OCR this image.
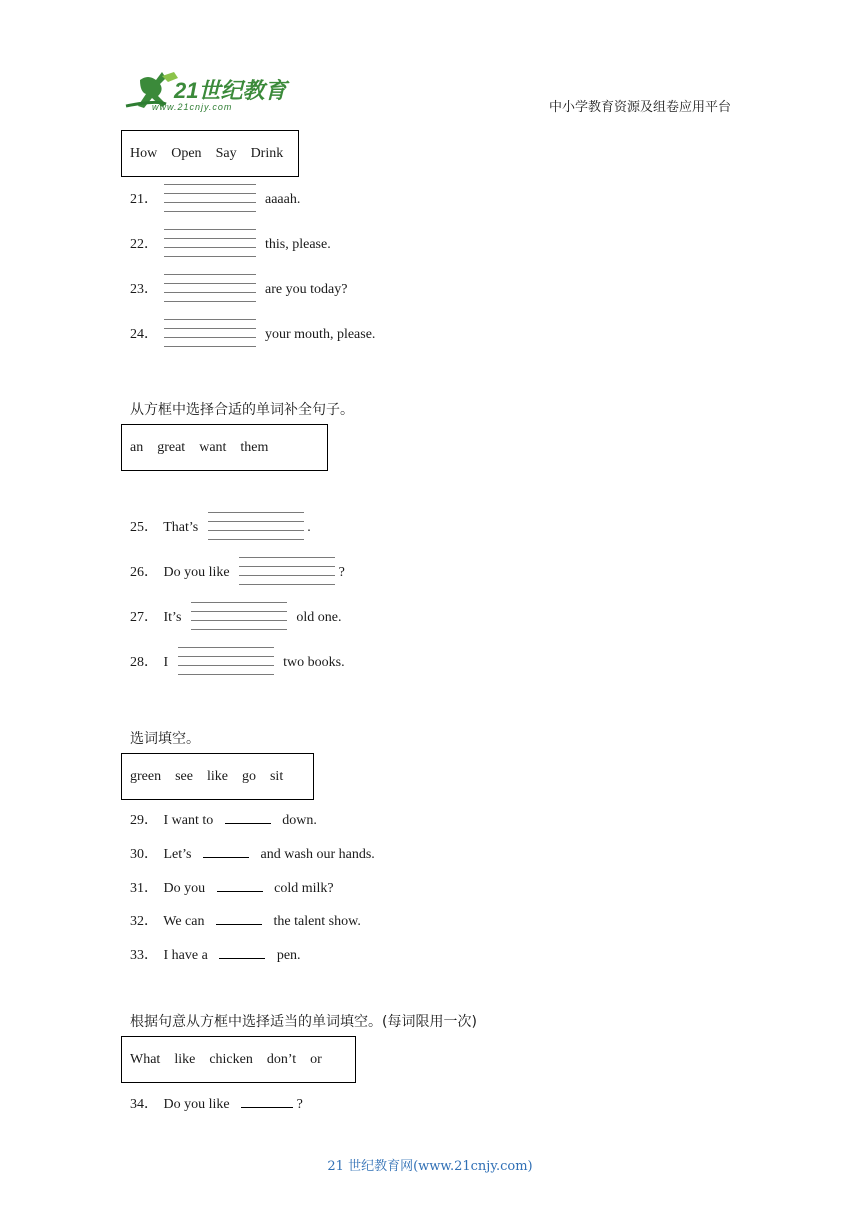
21世纪教育
www.21cnjy.com	中小学教育资源及组卷应用平台
How Open Say Drink
21．	aaaah.
22．	this, please.
23．	are you today?
24．	your mouth, please.
从方框中选择合适的单词补全句子。
an great want them
25． That’s	.
26． Do you like	?
27． It’s	old one.
28． I	two books.
选词填空。
green see like go sit
29． I want to	down.
30． Let’s	and wash our hands.
31． Do you	cold milk?
32． We can	the talent show.
33． I have a	pen.
根据句意从方框中选择适当的单词填空。(每词限用一次)
What like chicken don’t or
34． Do you like	?
21 世纪教育网(www.21cnjy.com)
